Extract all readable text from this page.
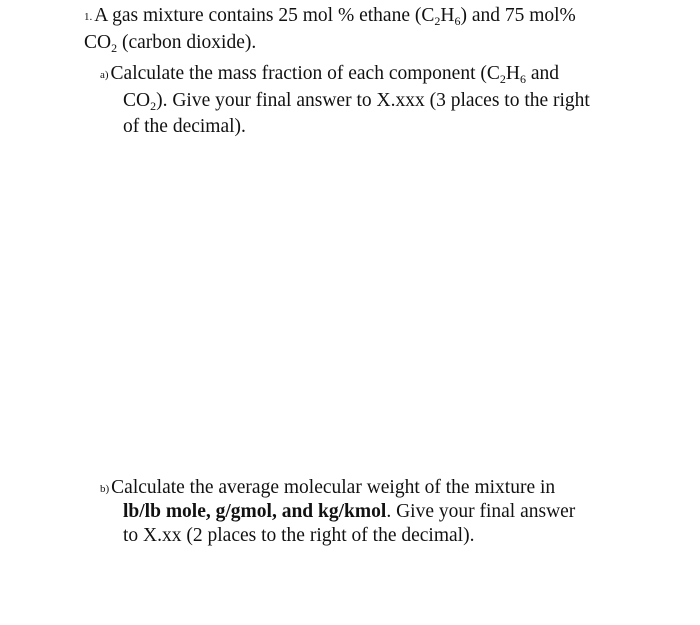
1. A gas mixture contains 25 mol % ethane $(C_2H_6)$ and 75 mol%
$CO_2$ (carbon dioxide).
a) Calculate the mass fraction of each component ($C_2H_6$ and
$CO_2$). Give your final answer to X.xxx (3 places to the right
of the decimal).
b) Calculate the average molecular weight of the mixture in
lb/lb mole, g/gmol, and kg/kmol. Give your final answer
to X.xx (2 places to the right of the decimal).
